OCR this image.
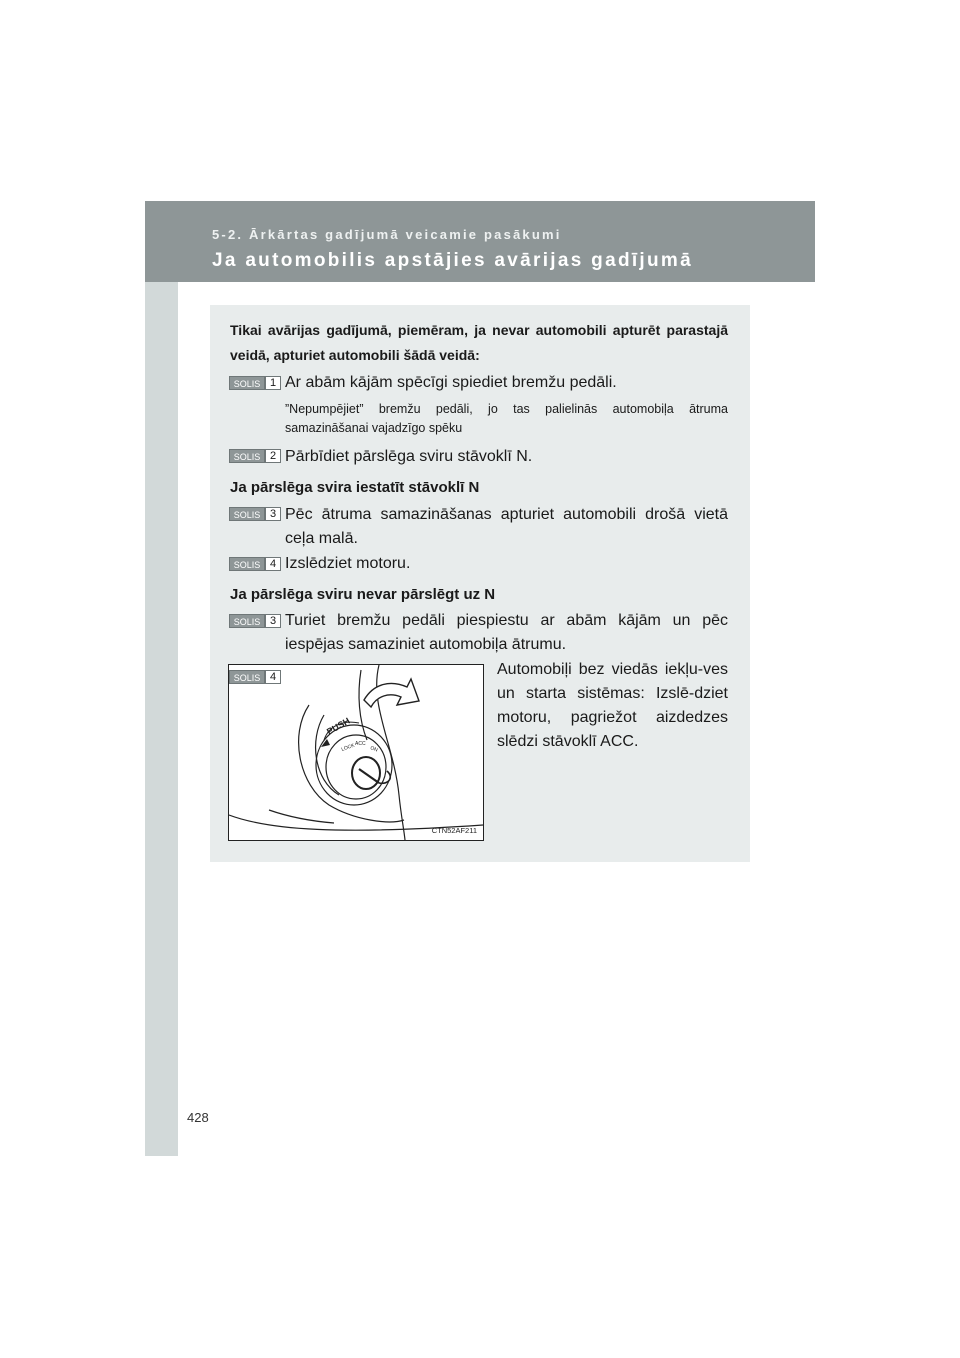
5-2. Ārkārtas gadījumā veicamie pasākumi
Ja automobilis apstājies avārijas gadījumā
Tikai avārijas gadījumā, piemēram, ja nevar automobili apturēt parastajā veidā, apturiet automobili šādā veidā:
SOLIS 1 Ar abām kājām spēcīgi spiediet bremžu pedāli.
”Nepumpējiet” bremžu pedāli, jo tas palielinās automobiļa ātruma samazināšanai vajadzīgo spēku
SOLIS 2 Pārbīdiet pārslēga sviru stāvoklī N.
Ja pārslēga svira iestatīt stāvoklī N
SOLIS 3 Pēc ātruma samazināšanas apturiet automobili drošā vietā ceļa malā.
SOLIS 4 Izslēdziet motoru.
Ja pārslēga sviru nevar pārslēgt uz N
SOLIS 3 Turiet bremžu pedāli piespiestu ar abām kājām un pēc iespējas samaziniet automobiļa ātrumu.
PUSH
LOCK ACC
ON
CTN52AF211
SOLIS 4	Automobiļi bez viedās iekļu-ves un starta sistēmas: Izslē-dziet motoru, pagriežot aizdedzes slēdzi stāvoklī ACC.
428
